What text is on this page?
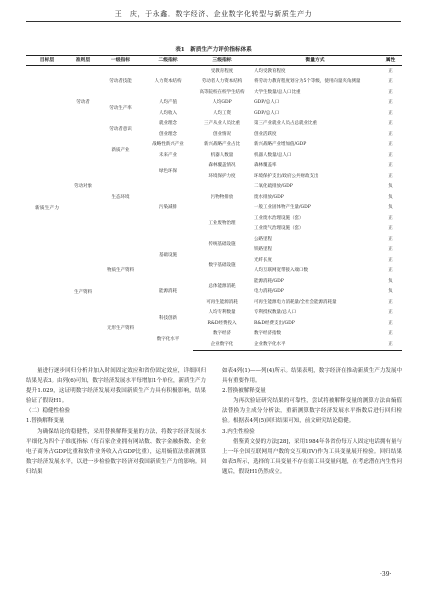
王　庆，于永鑫．数字经济、企业数字化转型与新质生产力
表1　新质生产力评价指标体系
目标层	准则层	一级指标	二级指标	三级指标	衡量方式	属性
新质生产力	劳动者	劳动者技能	人力资本结构	受教育程度	人均受教育程度	正
				劳动者人力资本结构	将劳动力教育程度划分为5个等级，使用向量夹角测量	正
				高等院校在校学生结构	大学生数量/总人口比重	正
		劳动生产率	人均产值	人均GDP	GDP/总人口	正
			人均收入	人均工资	GDP/总人口	正
		劳动者意识	就业理念	三产从业人员比重	第三产业就业人员占总就业比重	正
			创业理念	创业情况	创业活跃度	正
	劳动对象	新质产业	战略性新兴产业	新兴战略产业占比	新兴战略产业增加值/GDP	正
			未来产业	机器人数量	机器人数量/总人口	正
		生态环境	绿色环保	森林覆盖情况	森林覆盖率	正
				环境保护力度	环境保护支出/政府公共财政支出	正
			污染减排	污物物排放	二氧化硫排放/GDP	负
					废水排放/GDP	负
					一般工业固体物产生量/GDP	负
				工业废物治理	工业废水治理设施（套）	正
					工业废气治理设施（套）	正
	生产资料	物质生产资料	基础设施	传统基础设施	公路里程	正
					铁路里程	正
				数字基础设施	光纤长度	正
					人均互联网宽带接入端口数	正
			能源消耗	总体能源消耗	能源消耗/GDP	负
					电力消耗/GDP	负
				可再生能源消耗	可再生能源电力消耗量/全社会能源消耗量	正
		无形生产资料	科技创新	人均专利数量	专利授权数量/总人口	正
				R&D经费投入	R&D经费支出/GDP	正
			数字化水平	数字经济	数字经济指数	正
				企业数字化	企业数字化水平	正

量进行逐步回归分析并加入时间固定效应和省份固定效应，详细回归结果见表3。由列(6)可知，数字经济发展水平每增加1个单位，新质生产力提升1.029，这证明数字经济发展对我国新质生产力具有积极影响，结果验证了假设H1。

（二）稳健性检验

1.替换解释变量

为确保结论的稳健性，采用替换解释变量的方法，将数字经济发展水平细化为四个子维度指标（每百家企业拥有网站数、数字金融指数、企业电子商务占GDP比重和软件业务收入占GDP比重），运用熵值法重新测算数字经济发展水平，以进一步检验数字经济对我国新质生产力的影响。回归结果

如表4列(1)——列(4)所示。结果表明，数字经济在推动新质生产力发展中具有重要作用。

2.替换被解释变量

为再次验证研究结果的可靠性，尝试将被解释变量的测算方法由熵值法替换为主成分分析法，重新测算数字经济发展水平指数后进行回归检验。根据表4列(5)回归结果可知，前文研究结论稳健。

3.内生性检验

借鉴黄文晏的方法[28]，采用1984年各省份每万人固定电话拥有量与上一年全国互联网用户数的交互项(IV)作为工具变量展开检验。回归结果如表5所示，选择的工具变量不存在弱工具变量问题，在考虑潜在内生性问题后，假设H1仍然成立。

·39·
